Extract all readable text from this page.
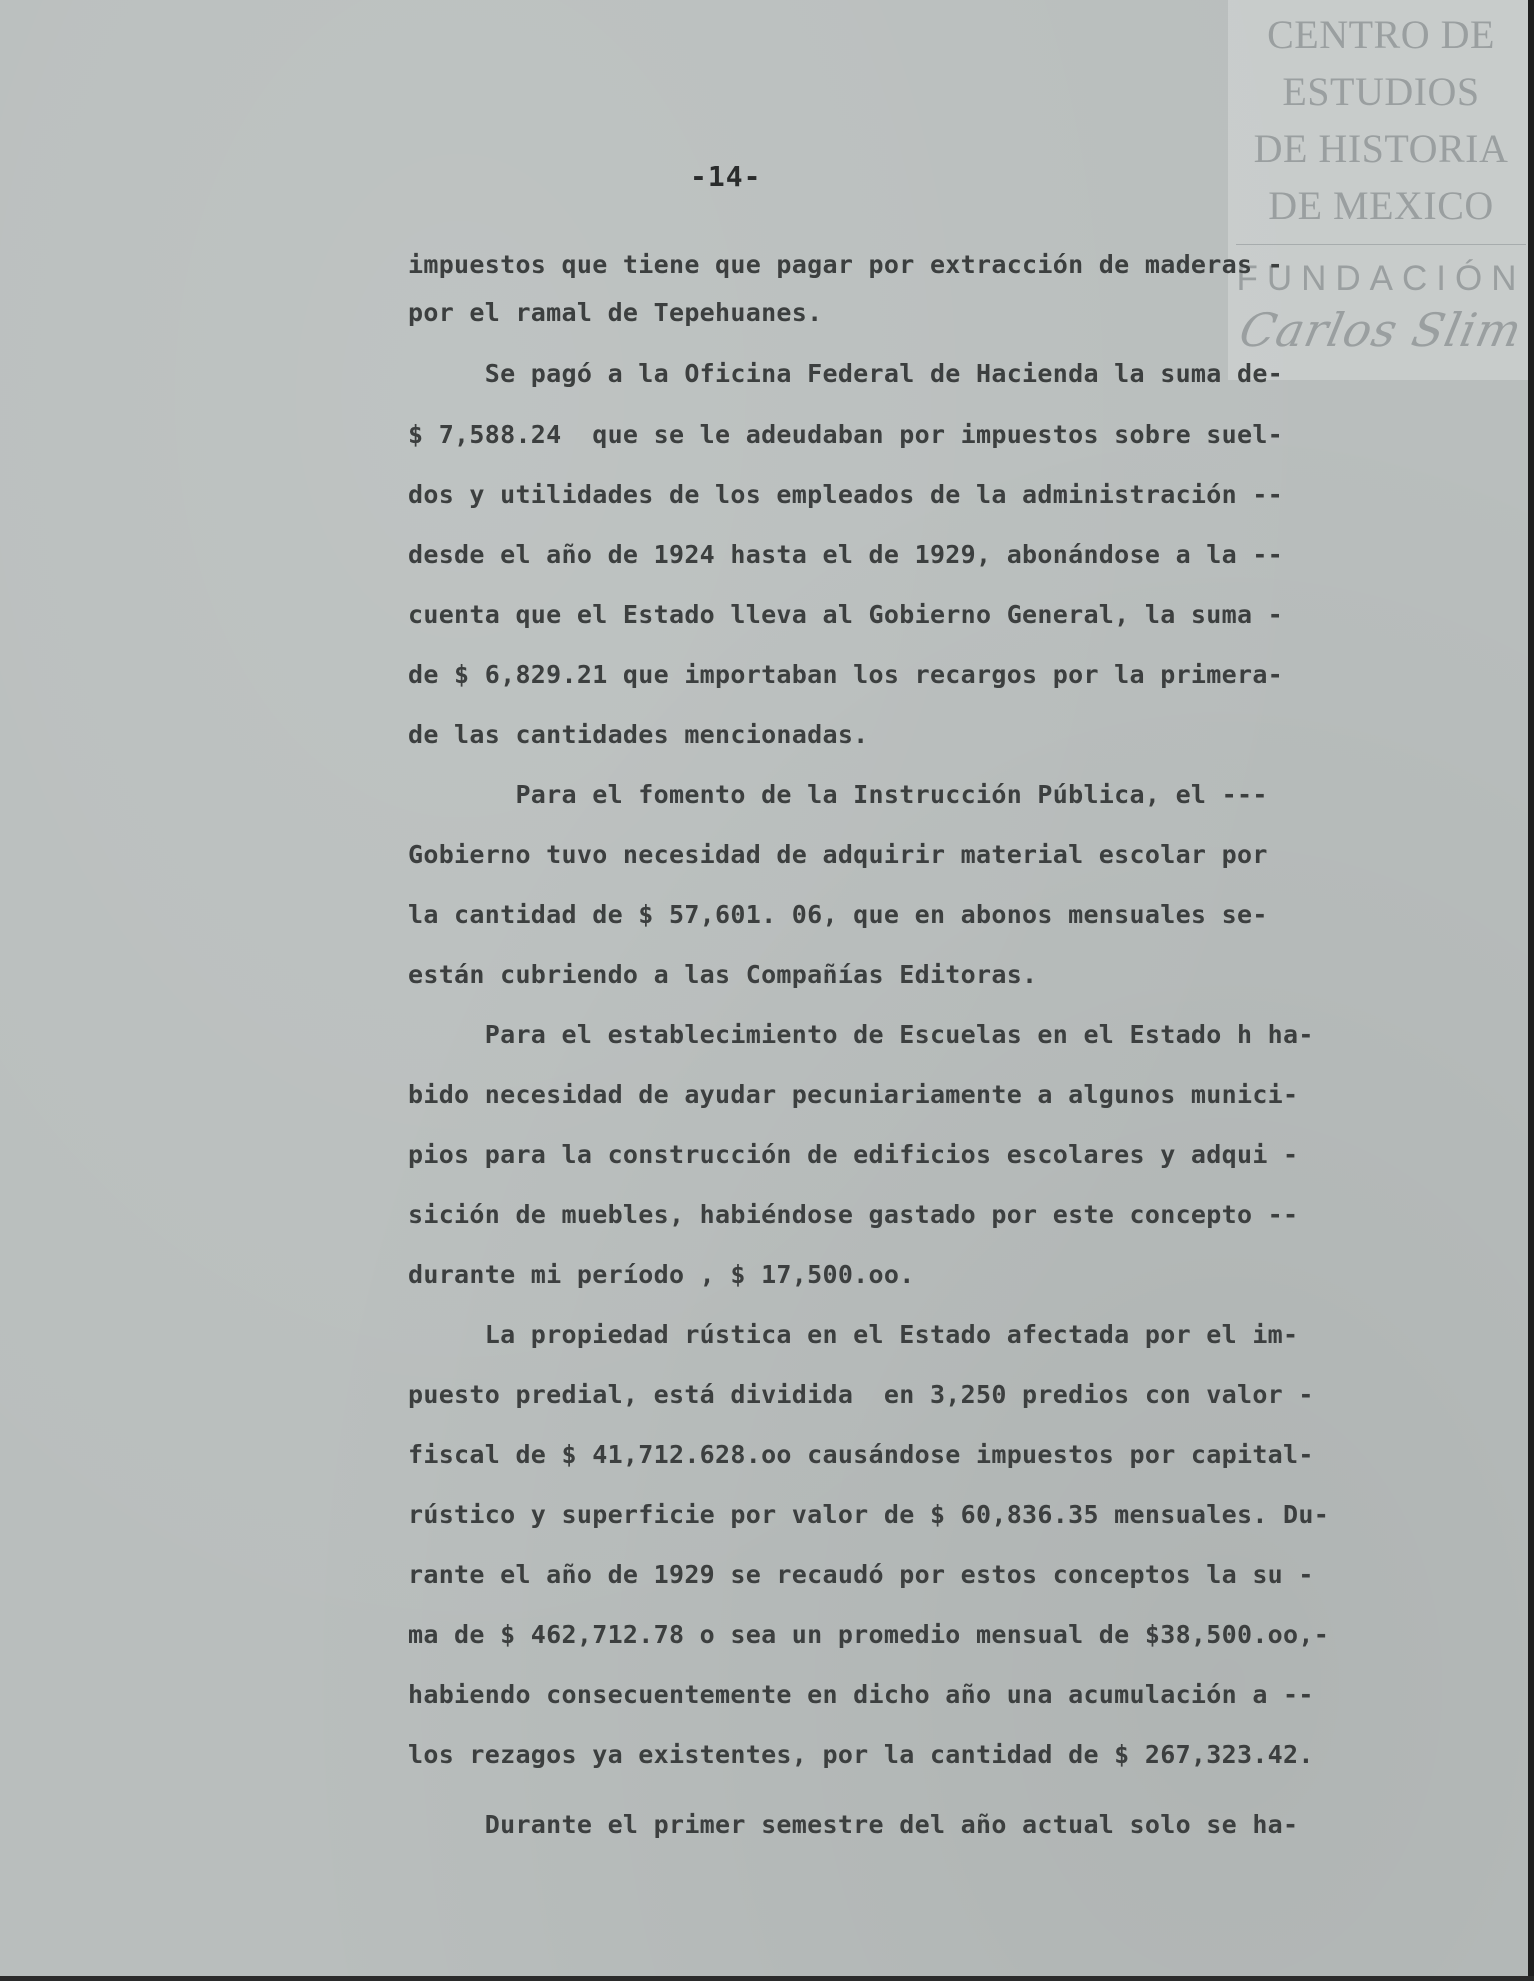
CENTRO DE
ESTUDIOS
DE HISTORIA
DE MEXICO
FUNDACIÓN
Carlos Slim
-14-
impuestos que tiene que pagar por extracción de maderas -
por el ramal de Tepehuanes.
Se pagó a la Oficina Federal de Hacienda la suma de-
$ 7,588.24  que se le adeudaban por impuestos sobre suel-
dos y utilidades de los empleados de la administración --
desde el año de 1924 hasta el de 1929, abonándose a la --
cuenta que el Estado lleva al Gobierno General, la suma -
de $ 6,829.21 que importaban los recargos por la primera-
de las cantidades mencionadas.
Para el fomento de la Instrucción Pública, el ---
Gobierno tuvo necesidad de adquirir material escolar por
la cantidad de $ 57,601. 06, que en abonos mensuales se-
están cubriendo a las Compañías Editoras.
Para el establecimiento de Escuelas en el Estado h ha-
bido necesidad de ayudar pecuniariamente a algunos munici-
pios para la construcción de edificios escolares y adqui -
sición de muebles, habiéndose gastado por este concepto --
durante mi período , $ 17,500.oo.
La propiedad rústica en el Estado afectada por el im-
puesto predial, está dividida  en 3,250 predios con valor -
fiscal de $ 41,712.628.oo causándose impuestos por capital-
rústico y superficie por valor de $ 60,836.35 mensuales. Du-
rante el año de 1929 se recaudó por estos conceptos la su -
ma de $ 462,712.78 o sea un promedio mensual de $38,500.oo,-
habiendo consecuentemente en dicho año una acumulación a --
los rezagos ya existentes, por la cantidad de $ 267,323.42.
Durante el primer semestre del año actual solo se ha-
